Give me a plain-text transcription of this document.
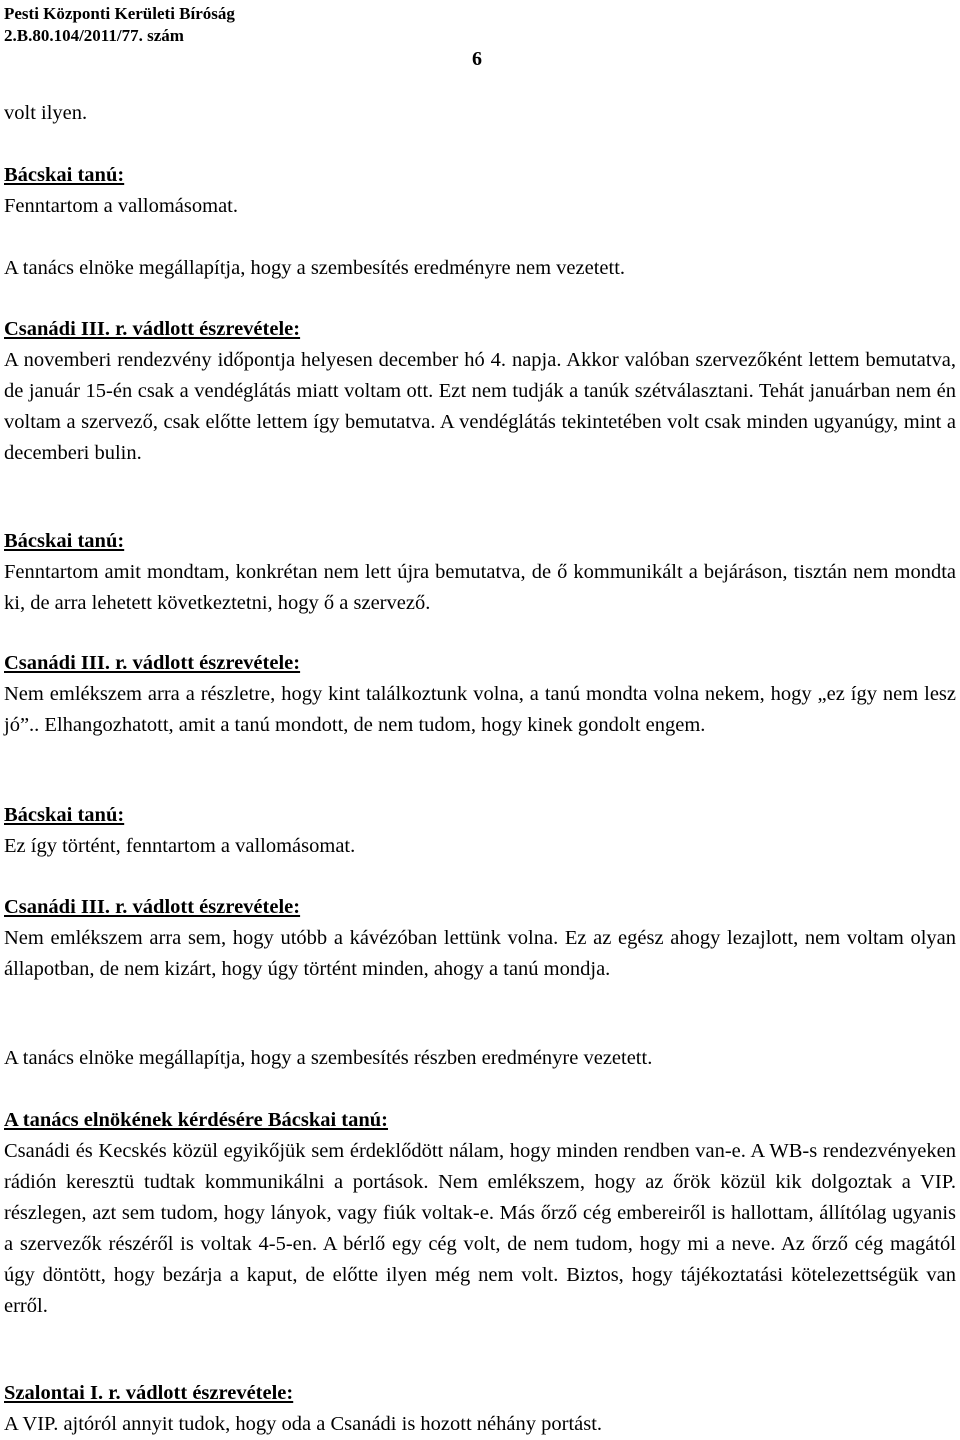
Pesti Központi Kerületi Bíróság
2.B.80.104/2011/77. szám
6
volt ilyen.
Bácskai tanú:
Fenntartom a vallomásomat.
A tanács elnöke megállapítja, hogy a szembesítés eredményre nem vezetett.
Csanádi III. r. vádlott észrevétele:
A novemberi rendezvény időpontja helyesen december hó 4. napja. Akkor valóban szervezőként lettem bemutatva, de január 15-én csak a vendéglátás miatt voltam ott. Ezt nem tudják a tanúk szétválasztani. Tehát januárban nem én voltam a szervező, csak előtte lettem így bemutatva. A vendéglátás tekintetében volt csak minden ugyanúgy, mint a decemberi bulin.
Bácskai tanú:
Fenntartom amit mondtam, konkrétan nem lett újra bemutatva, de ő kommunikált a bejáráson, tisztán nem mondta ki, de arra lehetett következtetni, hogy ő a szervező.
Csanádi III. r. vádlott észrevétele:
Nem emlékszem arra a részletre, hogy kint találkoztunk volna, a tanú mondta volna nekem, hogy „ez így nem lesz jó”.. Elhangozhatott, amit a tanú mondott, de nem tudom, hogy kinek gondolt engem.
Bácskai tanú:
Ez így történt, fenntartom a vallomásomat.
Csanádi III. r. vádlott észrevétele:
Nem emlékszem arra sem, hogy utóbb a kávézóban lettünk volna. Ez az egész ahogy lezajlott, nem voltam olyan állapotban, de nem kizárt, hogy úgy történt minden, ahogy a tanú mondja.
A tanács elnöke megállapítja, hogy a szembesítés részben eredményre vezetett.
A tanács elnökének kérdésére Bácskai tanú:
Csanádi és Kecskés közül egyikőjük sem érdeklődött nálam, hogy minden rendben van-e. A WB-s rendezvényeken rádión keresztü tudtak kommunikálni a portások. Nem emlékszem, hogy az őrök közül kik dolgoztak a VIP. részlegen, azt sem tudom, hogy lányok, vagy fiúk voltak-e. Más őrző cég embereiről is hallottam, állítólag ugyanis a szervezők részéről is voltak 4-5-en. A bérlő egy cég volt, de nem tudom, hogy mi a neve. Az őrző cég magától úgy döntött, hogy bezárja a kaput, de előtte ilyen még nem volt. Biztos, hogy tájékoztatási kötelezettségük van erről.
Szalontai I. r. vádlott észrevétele:
A VIP. ajtóról annyit tudok, hogy oda a Csanádi is hozott néhány portást.
